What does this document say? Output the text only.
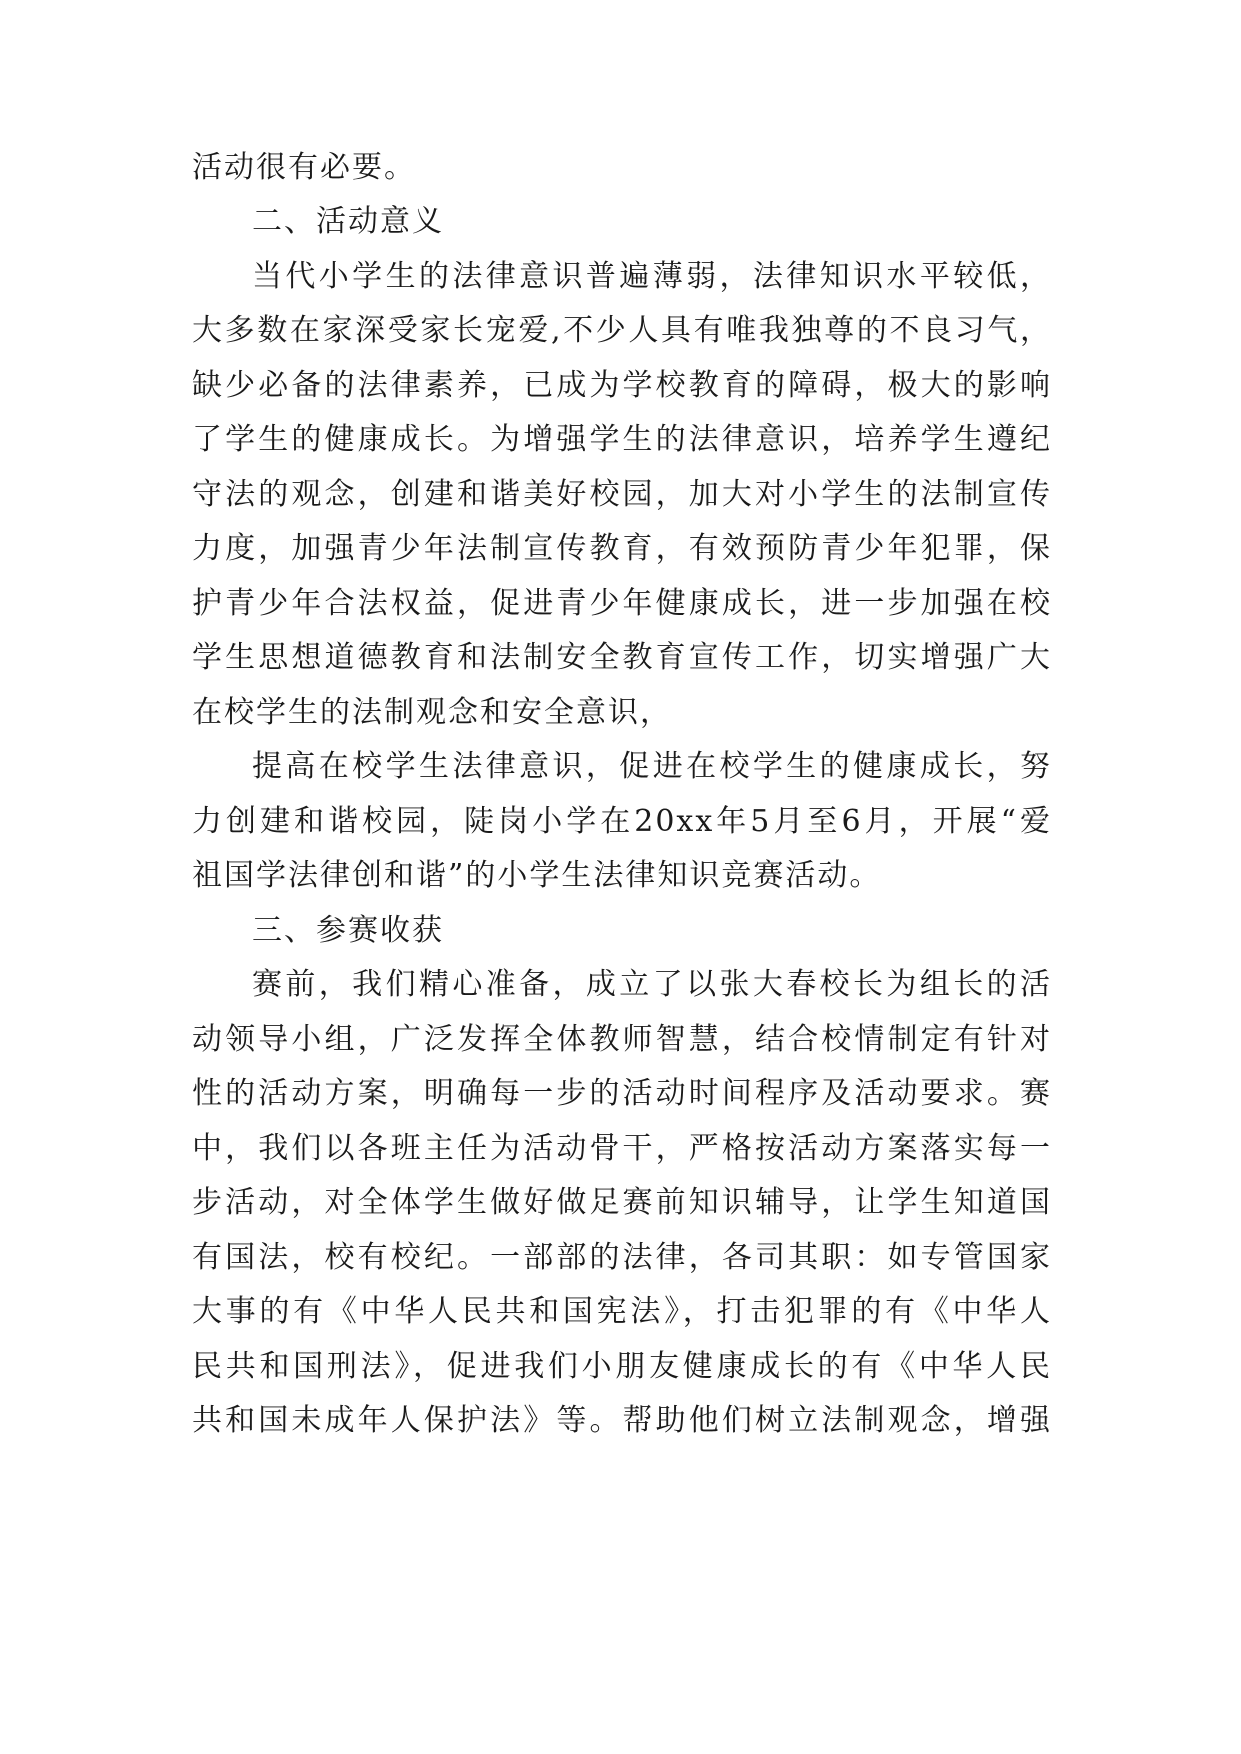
活动很有必要。
二、活动意义
当代小学生的法律意识普遍薄弱，法律知识水平较低，
大多数在家深受家长宠爱,不少人具有唯我独尊的不良习气，
缺少必备的法律素养，已成为学校教育的障碍，极大的影响
了学生的健康成长。为增强学生的法律意识，培养学生遵纪
守法的观念，创建和谐美好校园，加大对小学生的法制宣传
力度，加强青少年法制宣传教育，有效预防青少年犯罪，保
护青少年合法权益，促进青少年健康成长，进一步加强在校
学生思想道德教育和法制安全教育宣传工作，切实增强广大
在校学生的法制观念和安全意识，
提高在校学生法律意识，促进在校学生的健康成长，努
力创建和谐校园，陡岗小学在20xx年5月至6月，开展“爱
祖国学法律创和谐”的小学生法律知识竞赛活动。
三、参赛收获
赛前，我们精心准备，成立了以张大春校长为组长的活
动领导小组，广泛发挥全体教师智慧，结合校情制定有针对
性的活动方案，明确每一步的活动时间程序及活动要求。赛
中，我们以各班主任为活动骨干，严格按活动方案落实每一
步活动，对全体学生做好做足赛前知识辅导，让学生知道国
有国法，校有校纪。一部部的法律，各司其职：如专管国家
大事的有《中华人民共和国宪法》，打击犯罪的有《中华人
民共和国刑法》，促进我们小朋友健康成长的有《中华人民
共和国未成年人保护法》等。帮助他们树立法制观念，增强
